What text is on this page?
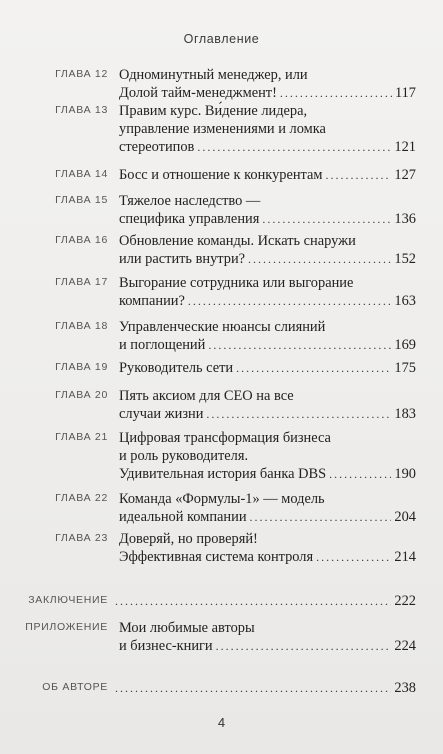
Оглавление
ГЛАВА 12 Одноминутный менеджер, или
Долой тайм-менеджмент! . . .	117
ГЛАВА 13 Правим курс. Ви́дение лидера,
управление изменениями и ломка
стереотипов . . .	121
ГЛАВА 14 Босс и отношение к конкурентам . . .	127
ГЛАВА 15 Тяжелое наследство —
специфика управления . . .	136
ГЛАВА 16 Обновление команды. Искать снаружи
или растить внутри? . . .	152
ГЛАВА 17 Выгорание сотрудника или выгорание
компании? . . .	163
ГЛАВА 18 Управленческие нюансы слияний
и поглощений . . .	169
ГЛАВА 19 Руководитель сети . . .	175
ГЛАВА 20 Пять аксиом для CEO на все
случаи жизни . . .	183
ГЛАВА 21 Цифровая трансформация бизнеса
и роль руководителя.
Удивительная история банка DBS . . .	190
ГЛАВА 22 Команда «Формулы-1» — модель
идеальной компании . . .	204
ГЛАВА 23 Доверяй, но проверяй!
Эффективная система контроля . . .	214
ЗАКЛЮЧЕНИЕ . . .	222
ПРИЛОЖЕНИЕ Мои любимые авторы
и бизнес-книги . . .	224
ОБ АВТОРЕ . . .	238
4
